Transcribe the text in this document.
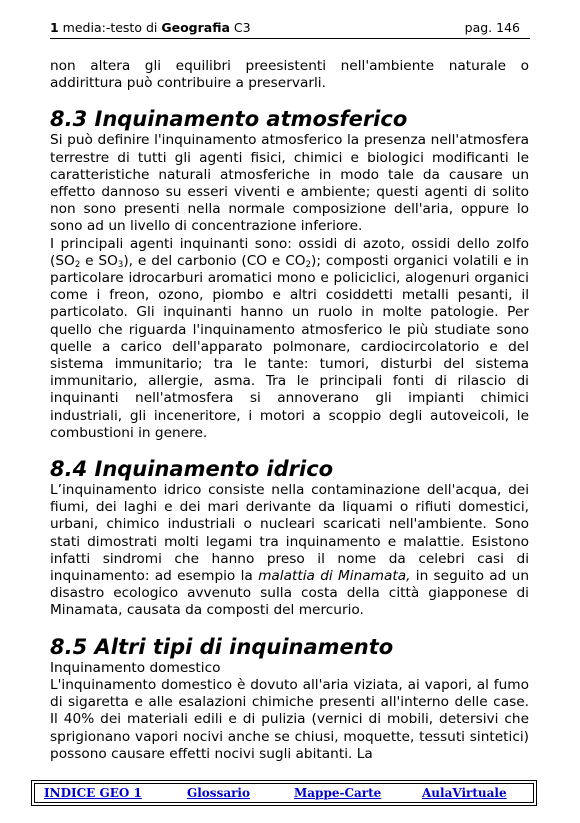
1 media:-testo di Geografia C3	pag. 146

non altera gli equilibri preesistenti nell'ambiente naturale o addirittura può contribuire a preservarli.

8.3 Inquinamento atmosferico

Si può definire l'inquinamento atmosferico la presenza nell'atmosfera terrestre di tutti gli agenti fisici, chimici e biologici modificanti le caratteristiche naturali atmosferiche in modo tale da causare un effetto dannoso su esseri viventi e ambiente; questi agenti di solito non sono presenti nella normale composizione dell'aria, oppure lo sono ad un livello di concentrazione inferiore.

I principali agenti inquinanti sono: ossidi di azoto, ossidi dello zolfo ($SO_2$ e $SO_3$), e del carbonio (CO e $CO_2$); composti organici volatili e in particolare idrocarburi aromatici mono e policiclici, alogenuri organici come i freon, ozono, piombo e altri cosiddetti metalli pesanti, il particolato. Gli inquinanti hanno un ruolo in molte patologie. Per quello che riguarda l'inquinamento atmosferico le più studiate sono quelle a carico dell'apparato polmonare, cardiocircolatorio e del sistema immunitario; tra le tante: tumori, disturbi del sistema immunitario, allergie, asma. Tra le principali fonti di rilascio di inquinanti nell'atmosfera si annoverano gli impianti chimici industriali, gli inceneritore, i motori a scoppio degli autoveicoli, le combustioni in genere.

8.4 Inquinamento idrico

L’inquinamento idrico consiste nella contaminazione dell'acqua, dei fiumi, dei laghi e dei mari derivante da liquami o rifiuti domestici, urbani, chimico industriali o nucleari scaricati nell'ambiente. Sono stati dimostrati molti legami tra inquinamento e malattie. Esistono infatti sindromi che hanno preso il nome da celebri casi di inquinamento: ad esempio la malattia di Minamata, in seguito ad un disastro ecologico avvenuto sulla costa della città giapponese di Minamata, causata da composti del mercurio.

8.5 Altri tipi di inquinamento

Inquinamento domestico

L'inquinamento domestico è dovuto all'aria viziata, ai vapori, al fumo di sigaretta e alle esalazioni chimiche presenti all'interno delle case. Il 40% dei materiali edili e di pulizia (vernici di mobili, detersivi che sprigionano vapori nocivi anche se chiusi, moquette, tessuti sintetici) possono causare effetti nocivi sugli abitanti. La

INDICE GEO 1	Glossario	Mappe-Carte	AulaVirtuale
